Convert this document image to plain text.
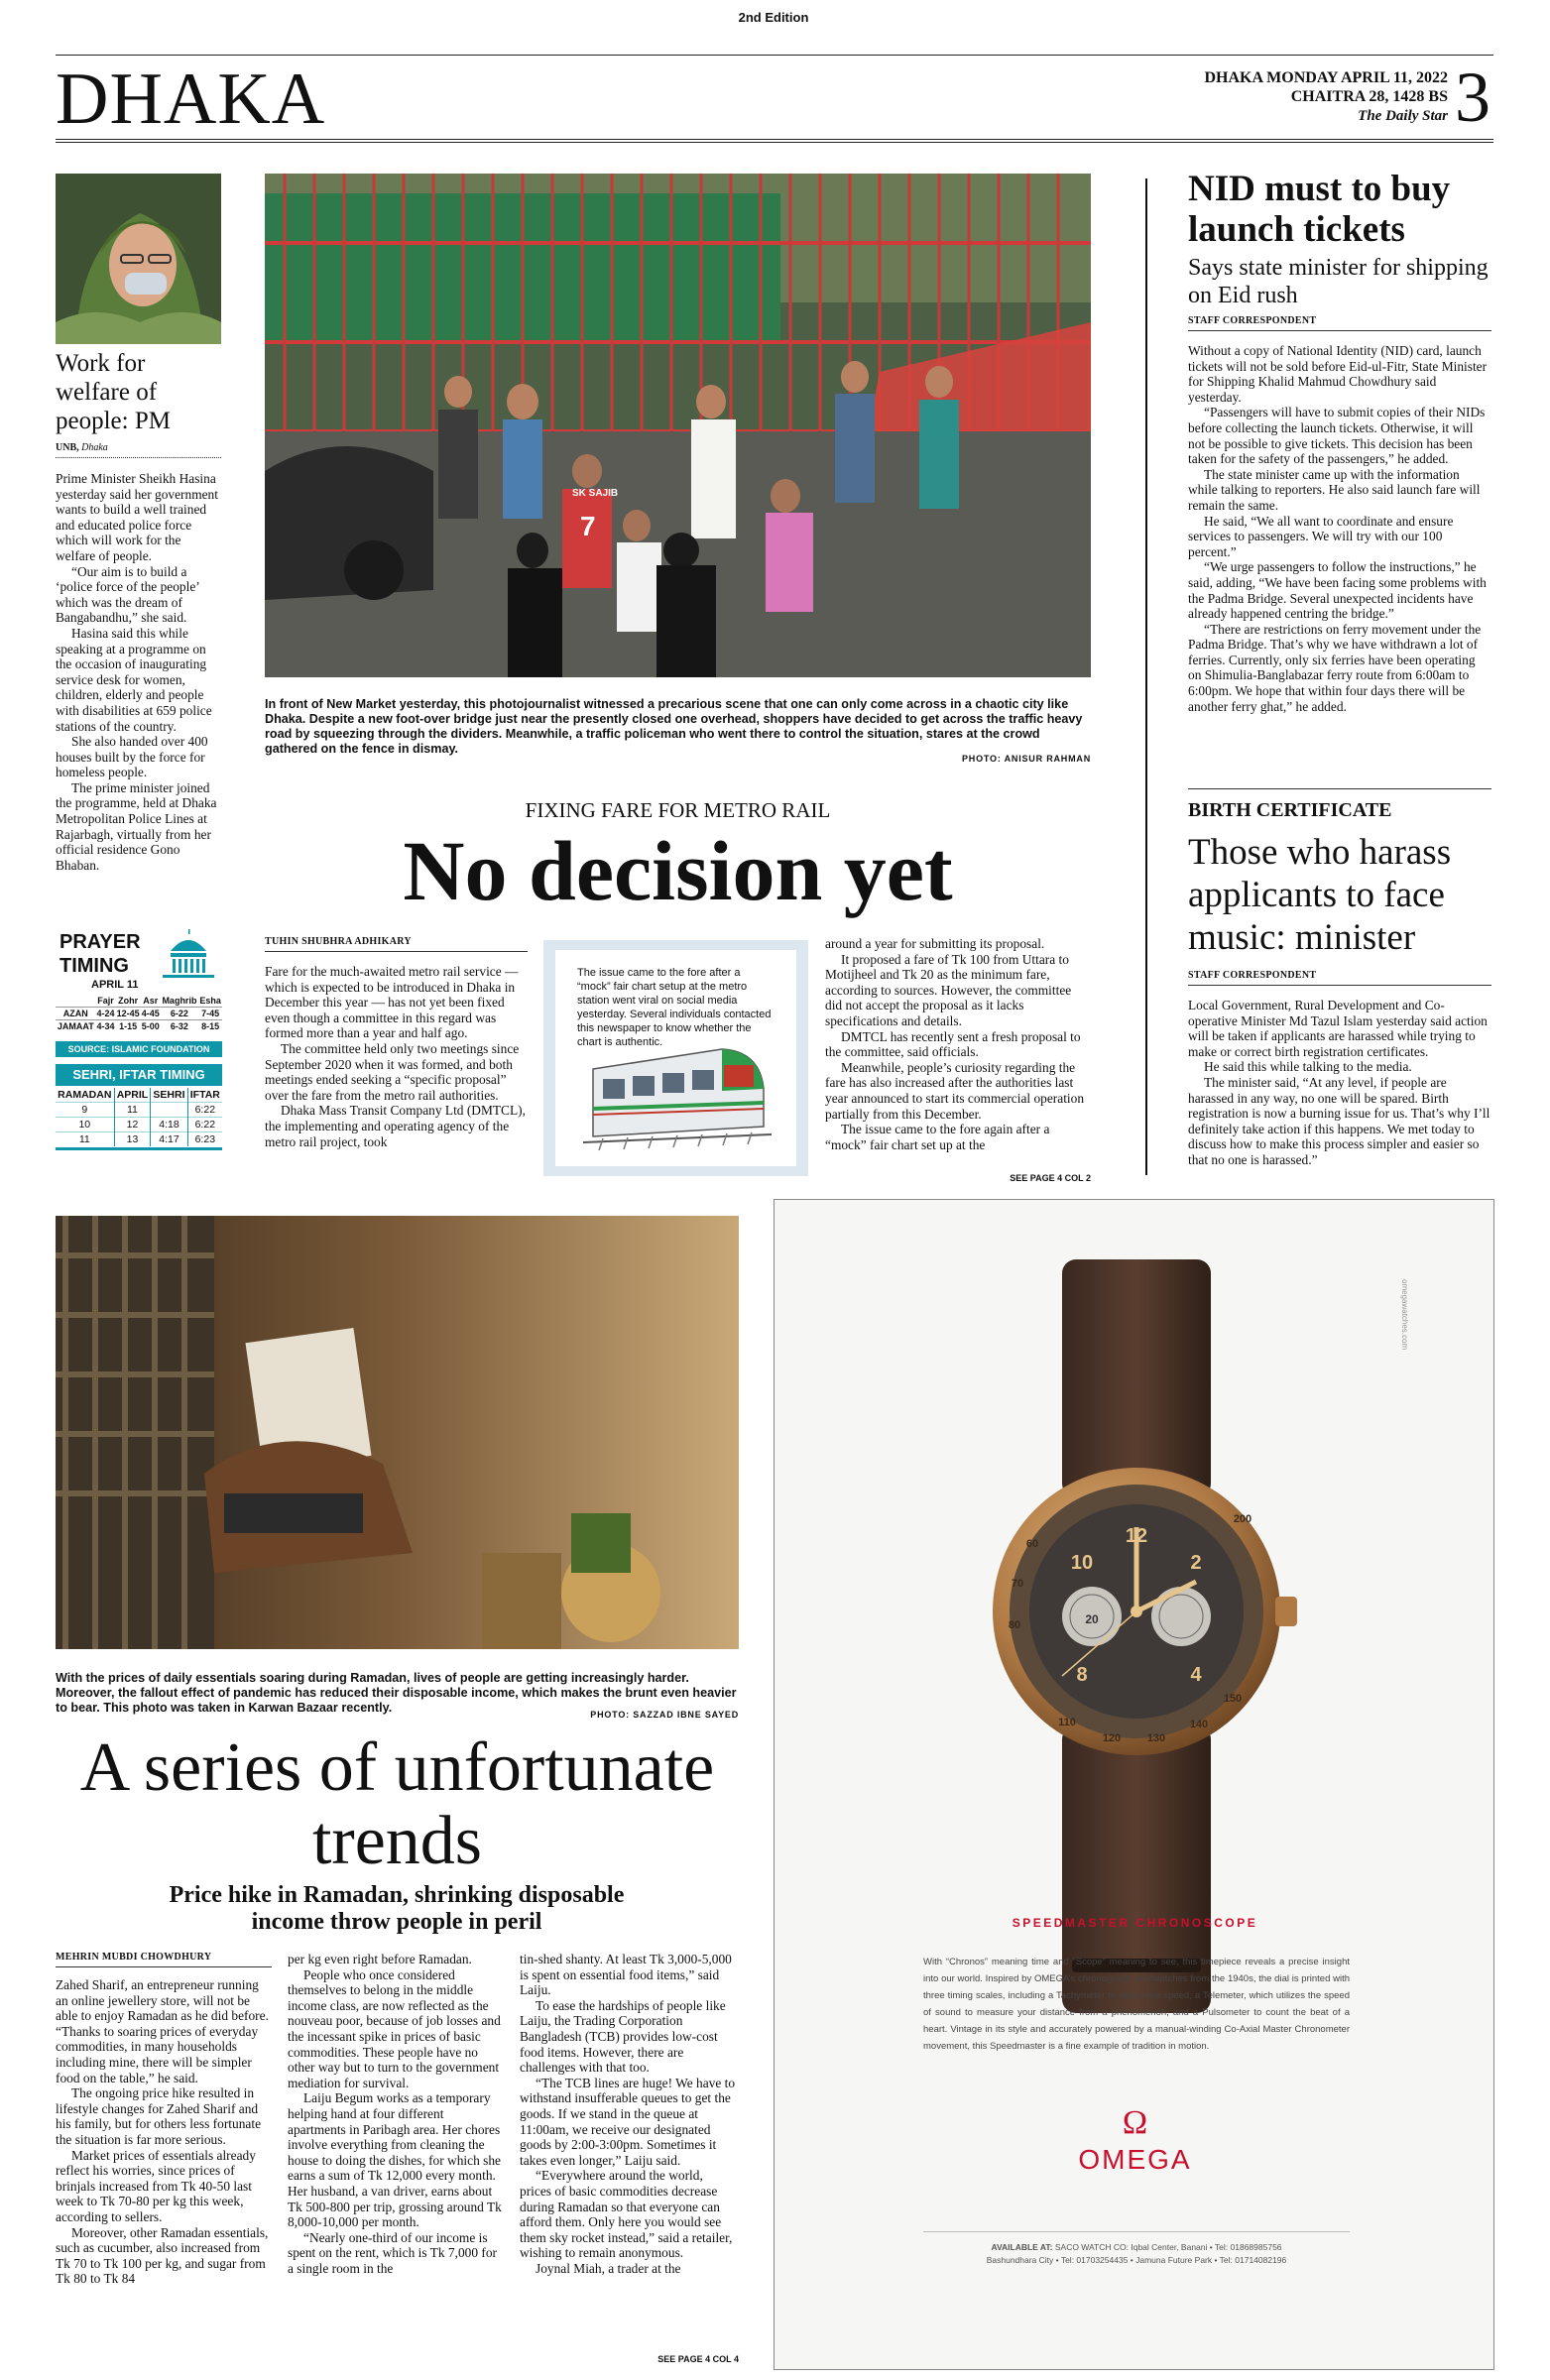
2nd Edition
DHAKA	DHAKA MONDAY APRIL 11, 2022
CHAITRA 28, 1428 BS
The Daily Star 3
Work for welfare of people: PM
UNB, Dhaka

Prime Minister Sheikh Hasina yesterday said her government wants to build a well trained and educated police force which will work for the welfare of people.

“Our aim is to build a ‘police force of the people’ which was the dream of Bangabandhu,” she said.

Hasina said this while speaking at a programme on the occasion of inaugurating service desk for women, children, elderly and people with disabilities at 659 police stations of the country.

She also handed over 400 houses built by the force for homeless people.

The prime minister joined the programme, held at Dhaka Metropolitan Police Lines at Rajarbagh, virtually from her official residence Gono Bhaban.

PRAYER
TIMING
APRIL 11
	Fajr	Zohr	Asr	Maghrib	Esha
AZAN	4-24	12-45	4-45	6-22	7-45
JAMAAT	4-34	1-15	5-00	6-32	8-15
SOURCE: ISLAMIC FOUNDATION
SEHRI, IFTAR TIMING
RAMADAN	APRIL	SEHRI	IFTAR
9	11		6:22
10	12	4:18	6:22
11	13	4:17	6:23
SK SAJIB
7
In front of New Market yesterday, this photojournalist witnessed a precarious scene that one can only come across in a chaotic city like Dhaka. Despite a new foot-over bridge just near the presently closed one overhead, shoppers have decided to get across the traffic heavy road by squeezing through the dividers. Meanwhile, a traffic policeman who went there to control the situation, stares at the crowd gathered on the fence in dismay.
PHOTO: ANISUR RAHMAN
NID must to buy launch tickets
Says state minister for shipping on Eid rush
STAFF CORRESPONDENT

Without a copy of National Identity (NID) card, launch tickets will not be sold before Eid-ul-Fitr, State Minister for Shipping Khalid Mahmud Chowdhury said yesterday.

“Passengers will have to submit copies of their NIDs before collecting the launch tickets. Otherwise, it will not be possible to give tickets. This decision has been taken for the safety of the passengers,” he added.

The state minister came up with the information while talking to reporters. He also said launch fare will remain the same.

He said, “We all want to coordinate and ensure services to passengers. We will try with our 100 percent.”

“We urge passengers to follow the instructions,” he said, adding, “We have been facing some problems with the Padma Bridge. Several unexpected incidents have already happened centring the bridge.”

“There are restrictions on ferry movement under the Padma Bridge. That’s why we have withdrawn a lot of ferries. Currently, only six ferries have been operating on Shimulia-Banglabazar ferry route from 6:00am to 6:00pm. We hope that within four days there will be another ferry ghat,” he added.

BIRTH CERTIFICATE
Those who harass applicants to face music: minister
STAFF CORRESPONDENT

Local Government, Rural Development and Co-operative Minister Md Tazul Islam yesterday said action will be taken if applicants are harassed while trying to make or correct birth registration certificates.

He said this while talking to the media.

The minister said, “At any level, if people are harassed in any way, no one will be spared. Birth registration is now a burning issue for us. That’s why I’ll definitely take action if this happens. We met today to discuss how to make this process simpler and easier so that no one is harassed.”

FIXING FARE FOR METRO RAIL
No decision yet
TUHIN SHUBHRA ADHIKARY

Fare for the much-awaited metro rail service — which is expected to be introduced in Dhaka in December this year — has not yet been fixed even though a committee in this regard was formed more than a year and half ago.

The committee held only two meetings since September 2020 when it was formed, and both meetings ended seeking a “specific proposal” over the fare from the metro rail authorities.

Dhaka Mass Transit Company Ltd (DMTCL), the implementing and operating agency of the metro rail project, took

The issue came to the fore after a “mock” fair chart setup at the metro station went viral on social media yesterday. Several individuals contacted this newspaper to know whether the chart is authentic.

around a year for submitting its proposal.

It proposed a fare of Tk 100 from Uttara to Motijheel and Tk 20 as the minimum fare, according to sources. However, the committee did not accept the proposal as it lacks specifications and details.

DMTCL has recently sent a fresh proposal to the committee, said officials.

Meanwhile, people’s curiosity regarding the fare has also increased after the authorities last year announced to start its commercial operation partially from this December.

The issue came to the fore again after a “mock” fair chart set up at the

SEE PAGE 4 COL 2
With the prices of daily essentials soaring during Ramadan, lives of people are getting increasingly harder. Moreover, the fallout effect of pandemic has reduced their disposable income, which makes the brunt even heavier to bear. This photo was taken in Karwan Bazaar recently.	PHOTO: SAZZAD IBNE SAYED
A series of unfortunate trends
Price hike in Ramadan, shrinking disposable income throw people in peril
MEHRIN MUBDI CHOWDHURY

Zahed Sharif, an entrepreneur running an online jewellery store, will not be able to enjoy Ramadan as he did before. “Thanks to soaring prices of everyday commodities, in many households including mine, there will be simpler food on the table,” he said.

The ongoing price hike resulted in lifestyle changes for Zahed Sharif and his family, but for others less fortunate the situation is far more serious.

Market prices of essentials already reflect his worries, since prices of brinjals increased from Tk 40-50 last week to Tk 70-80 per kg this week, according to sellers.

Moreover, other Ramadan essentials, such as cucumber, also increased from Tk 70 to Tk 100 per kg, and sugar from Tk 80 to Tk 84

per kg even right before Ramadan.

People who once considered themselves to belong in the middle income class, are now reflected as the nouveau poor, because of job losses and the incessant spike in prices of basic commodities. These people have no other way but to turn to the government mediation for survival.

Laiju Begum works as a temporary helping hand at four different apartments in Paribagh area. Her chores involve everything from cleaning the house to doing the dishes, for which she earns a sum of Tk 12,000 every month. Her husband, a van driver, earns about Tk 500-800 per trip, grossing around Tk 8,000-10,000 per month.

“Nearly one-third of our income is spent on the rent, which is Tk 7,000 for a single room in the

tin-shed shanty. At least Tk 3,000-5,000 is spent on essential food items,” said Laiju.

To ease the hardships of people like Laiju, the Trading Corporation Bangladesh (TCB) provides low-cost food items. However, there are challenges with that too.

“The TCB lines are huge! We have to withstand insufferable queues to get the goods. If we stand in the queue at 11:00am, we receive our designated goods by 2:00-3:00pm. Sometimes it takes even longer,” Laiju said.

“Everywhere around the world, prices of basic commodities decrease during Ramadan so that everyone can afford them. Only here you would see them sky rocket instead,” said a retailer, wishing to remain anonymous.

Joynal Miah, a trader at the

SEE PAGE 4 COL 4
omegawatches.com
10
12
2
4
20
8
60
70
80
110
120 130
140
150
200
SPEEDMASTER CHRONOSCOPE
With “Chronos” meaning time and “Scope” meaning to see, this timepiece reveals a precise insight into our world. Inspired by OMEGA’s chronograph wristwatches from the 1940s, the dial is printed with three timing scales, including a Tachymeter to determine speed, a Telemeter, which utilizes the speed of sound to measure your distance from a phenomenon, and a Pulsometer to count the beat of a heart. Vintage in its style and accurately powered by a manual-winding Co-Axial Master Chronometer movement, this Speedmaster is a fine example of tradition in motion.
Ω
OMEGA
AVAILABLE AT: SACO WATCH CO: Iqbal Center, Banani • Tel: 01868985756
Bashundhara City • Tel: 01703254435 • Jamuna Future Park • Tel: 01714082196
